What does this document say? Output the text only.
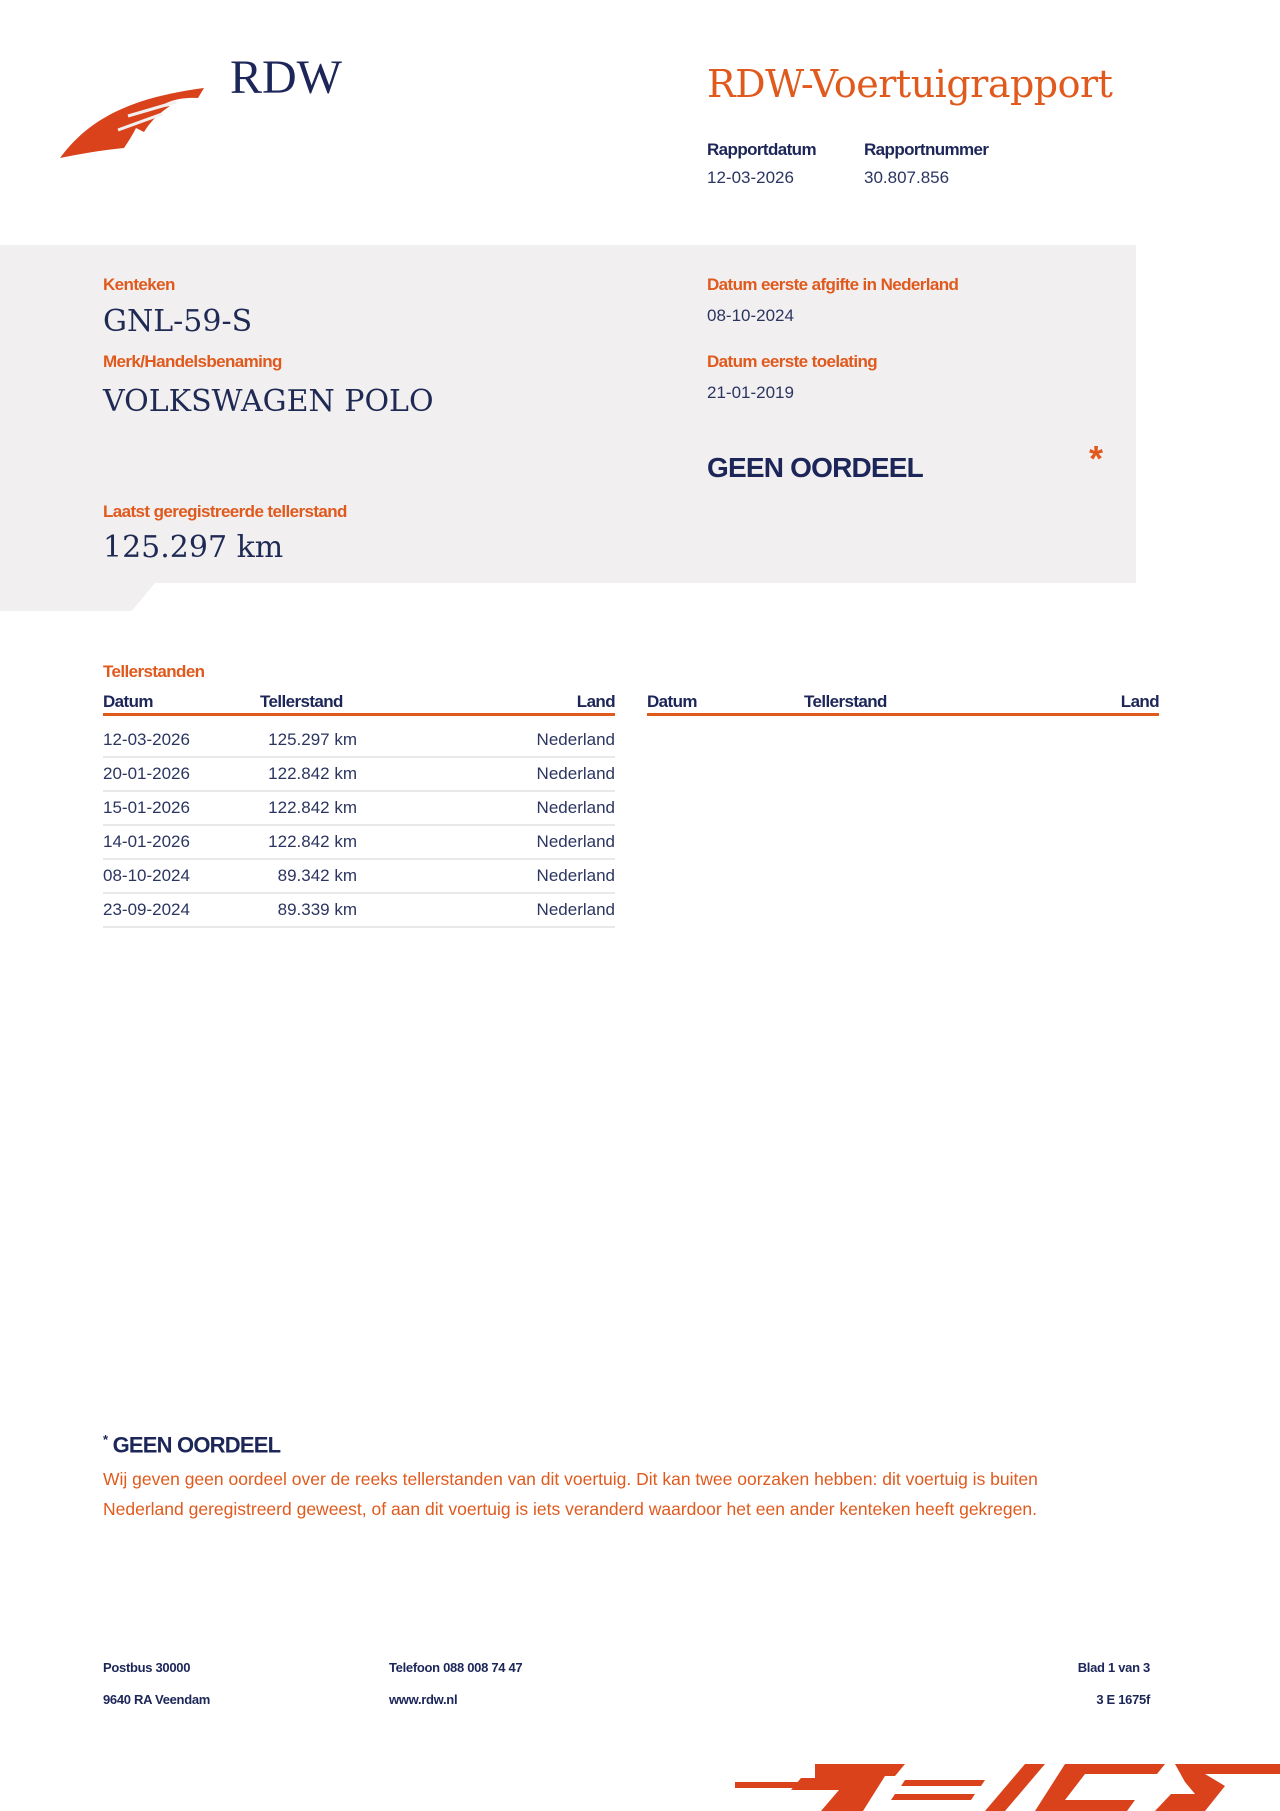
RDW	RDW-Voertuigrapport
Rapportdatum
12-03-2026
Rapportnummer
30.807.856
Kenteken
GNL-59-S
Merk/Handelsbenaming
VOLKSWAGEN POLO
Datum eerste afgifte in Nederland
08-10-2024
Datum eerste toelating
21-01-2019
GEEN OORDEEL	*
Laatst geregistreerde tellerstand
125.297 km
Tellerstanden
Datum	Tellerstand	Land Datum	Tellerstand	Land
12-03-2026	125.297 km	Nederland
20-01-2026	122.842 km	Nederland
15-01-2026	122.842 km	Nederland
14-01-2026	122.842 km	Nederland
08-10-2024	89.342 km	Nederland
23-09-2024	89.339 km	Nederland
* GEEN OORDEEL
Wij geven geen oordeel over de reeks tellerstanden van dit voertuig. Dit kan twee oorzaken hebben: dit voertuig is buiten Nederland geregistreerd geweest, of aan dit voertuig is iets veranderd waardoor het een ander kenteken heeft gekregen.
Postbus 30000
9640 RA Veendam
Telefoon 088 008 74 47
www.rdw.nl
Blad 1 van 3
3 E 1675f
